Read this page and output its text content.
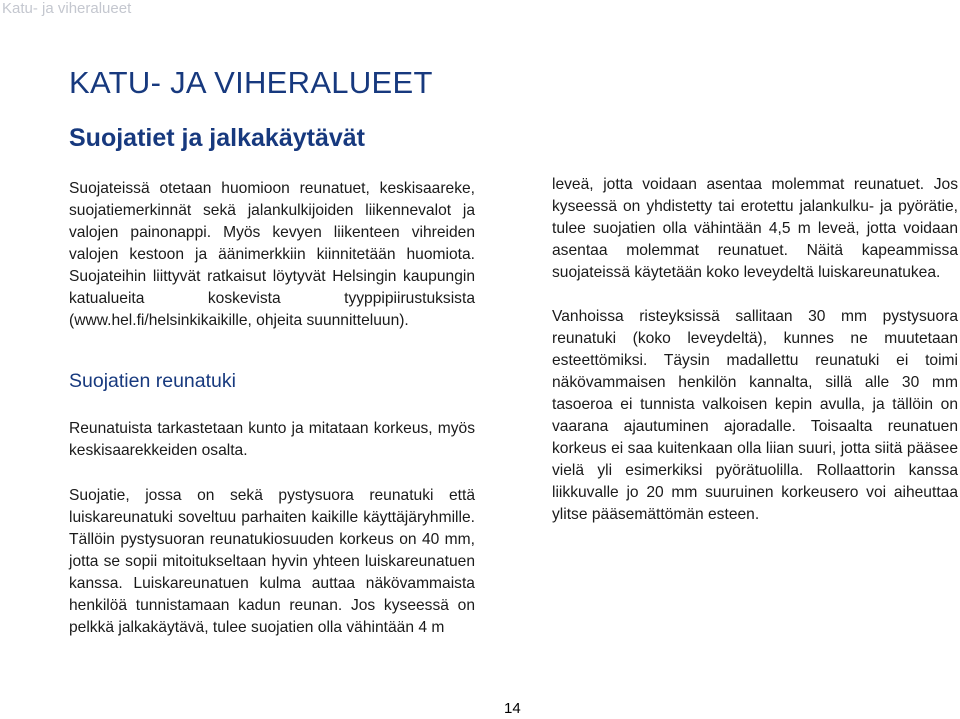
Katu- ja viheralueet
KATU- JA VIHERALUEET
Suojatiet ja jalkakäytävät

Suojateissä otetaan huomioon reunatuet, keskisaareke, suojatiemerkinnät sekä jalankulkijoiden liikennevalot ja valojen painonappi. Myös kevyen liikenteen vihreiden valojen kestoon ja äänimerkkiin kiinnitetään huomiota. Suojateihin liittyvät ratkaisut löytyvät Helsingin kaupungin katualueita koskevista tyyppipiirustuksista (www.hel.fi/helsinkikaikille, ohjeita suunnitteluun).

Suojatien reunatuki

Reunatuista tarkastetaan kunto ja mitataan korkeus, myös keskisaarekkeiden osalta.

Suojatie, jossa on sekä pystysuora reunatuki että luiskareunatuki soveltuu parhaiten kaikille käyttäjäryhmille. Tällöin pystysuoran reunatukiosuuden korkeus on 40 mm, jotta se sopii mitoitukseltaan hyvin yhteen luiskareunatuen kanssa. Luiskareunatuen kulma auttaa näkövammaista henkilöä tunnistamaan kadun reunan. Jos kyseessä on pelkkä jalkakäytävä, tulee suojatien olla vähintään 4 m

leveä, jotta voidaan asentaa molemmat reunatuet. Jos kyseessä on yhdistetty tai erotettu jalankulku- ja pyörätie, tulee suojatien olla vähintään 4,5 m leveä, jotta voidaan asentaa molemmat reunatuet. Näitä kapeammissa suojateissä käytetään koko leveydeltä luiskareunatukea.

Vanhoissa risteyksissä sallitaan 30 mm pystysuora reunatuki (koko leveydeltä), kunnes ne muutetaan esteettömiksi. Täysin madallettu reunatuki ei toimi näkövammaisen henkilön kannalta, sillä alle 30 mm tasoeroa ei tunnista valkoisen kepin avulla, ja tällöin on vaarana ajautuminen ajoradalle. Toisaalta reunatuen korkeus ei saa kuitenkaan olla liian suuri, jotta siitä pääsee vielä yli esimerkiksi pyörätuolilla. Rollaattorin kanssa liikkuvalle jo 20 mm suuruinen korkeusero voi aiheuttaa ylitse pääsemättömän esteen.

14
